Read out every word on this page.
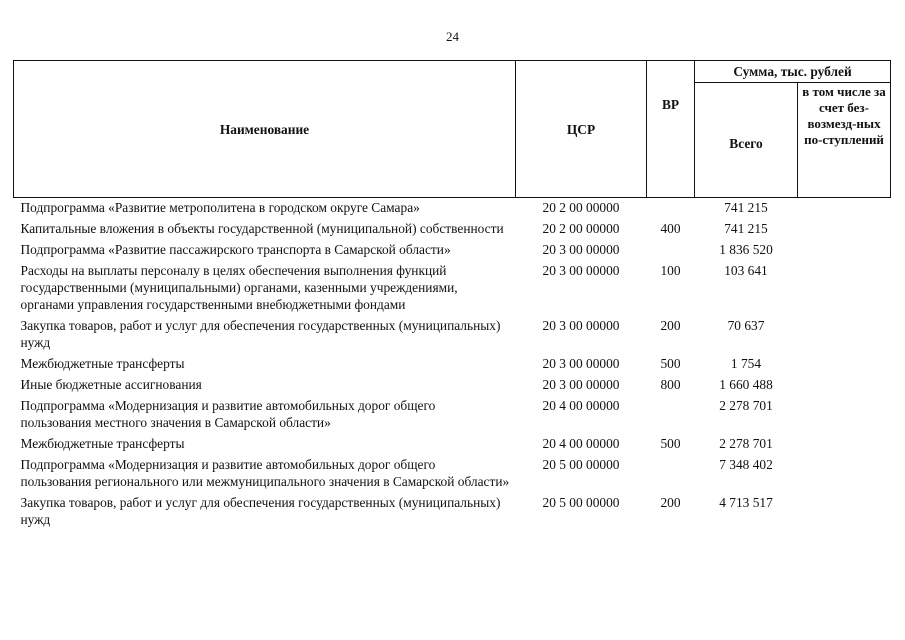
24
Наименование	ЦСР	ВР	Сумма, тыс. рублей	
			Всего	в том числе за счет без-возмезд-ных по-ступлений
Подпрограмма «Развитие метрополитена в городском округе Самара»	20 2 00 00000		741 215	
Капитальные вложения в объекты государственной (муниципальной) собственности	20 2 00 00000	400	741 215	
Подпрограмма «Развитие пассажирского транспорта в Самарской области»	20 3 00 00000		1 836 520	
Расходы на выплаты персоналу в целях обеспечения выполнения функций государственными (муниципальными) органами, казенными учреждениями, органами управления государственными внебюджетными фондами	20 3 00 00000	100	103 641	
Закупка товаров, работ и услуг для обеспечения государственных (муниципальных) нужд	20 3 00 00000	200	70 637	
Межбюджетные трансферты	20 3 00 00000	500	1 754	
Иные бюджетные ассигнования	20 3 00 00000	800	1 660 488	
Подпрограмма «Модернизация и развитие автомобильных дорог общего пользования местного значения в Самарской области»	20 4 00 00000		2 278 701	
Межбюджетные трансферты	20 4 00 00000	500	2 278 701	
Подпрограмма «Модернизация и развитие автомобильных дорог общего пользования регионального или межмуниципального значения в Самарской области»	20 5 00 00000		7 348 402	
Закупка товаров, работ и услуг для обеспечения государственных (муниципальных) нужд	20 5 00 00000	200	4 713 517	
